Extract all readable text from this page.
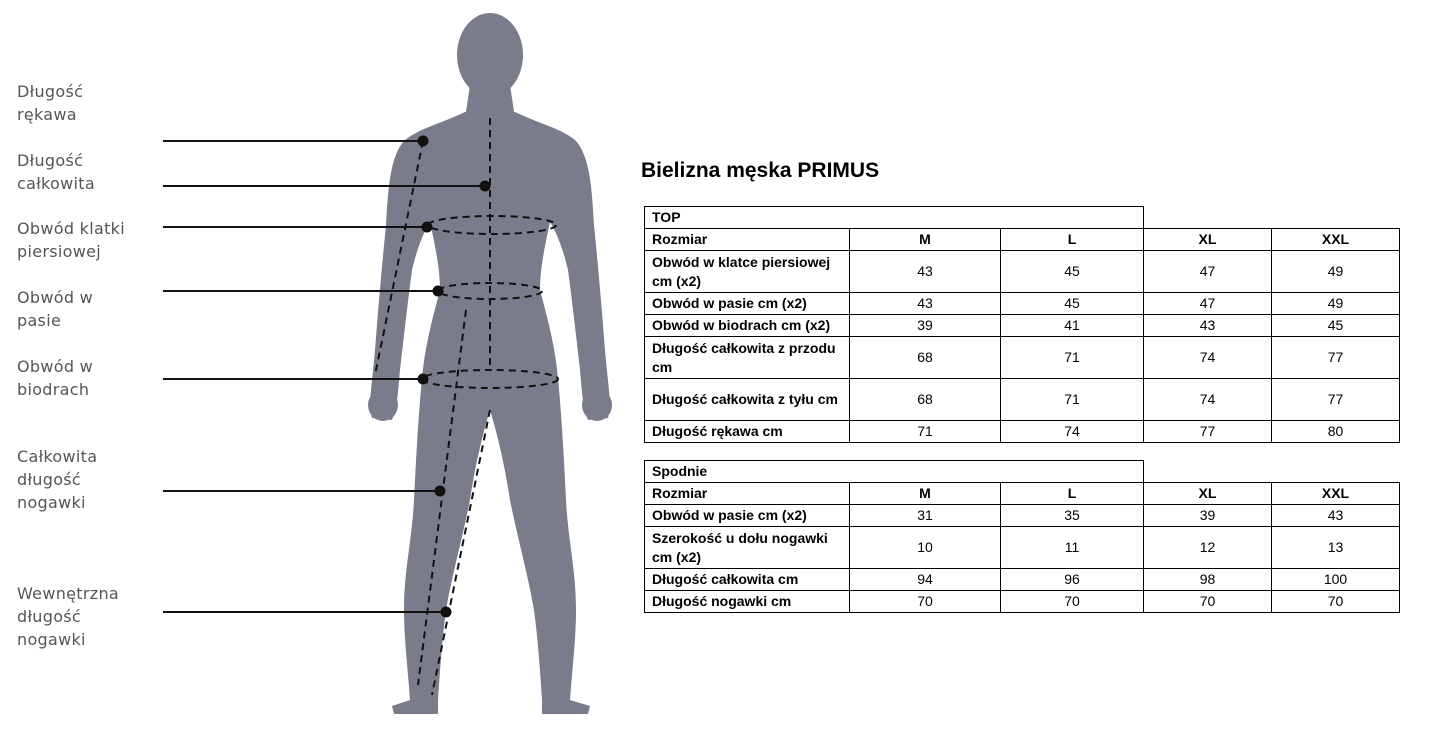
Długość
rękawa
Długość
całkowita
Obwód klatki
piersiowej
Obwód w
pasie
Obwód w
biodrach
Całkowita
długość
nogawki
Wewnętrzna
długość
nogawki
Bielizna męska PRIMUS
TOP				
Rozmiar	M	L	XL	XXL
Obwód w klatce piersiowej cm (x2)	43	45	47	49
Obwód w pasie cm (x2)	43	45	47	49
Obwód w biodrach cm (x2)	39	41	43	45
Długość całkowita z przodu cm	68	71	74	77
Długość całkowita z tyłu cm	68	71	74	77
Długość rękawa cm	71	74	77	80
Spodnie				
Rozmiar	M	L	XL	XXL
Obwód w pasie cm (x2)	31	35	39	43
Szerokość u dołu nogawki cm (x2)	10	11	12	13
Długość całkowita cm	94	96	98	100
Długość nogawki cm	70	70	70	70
